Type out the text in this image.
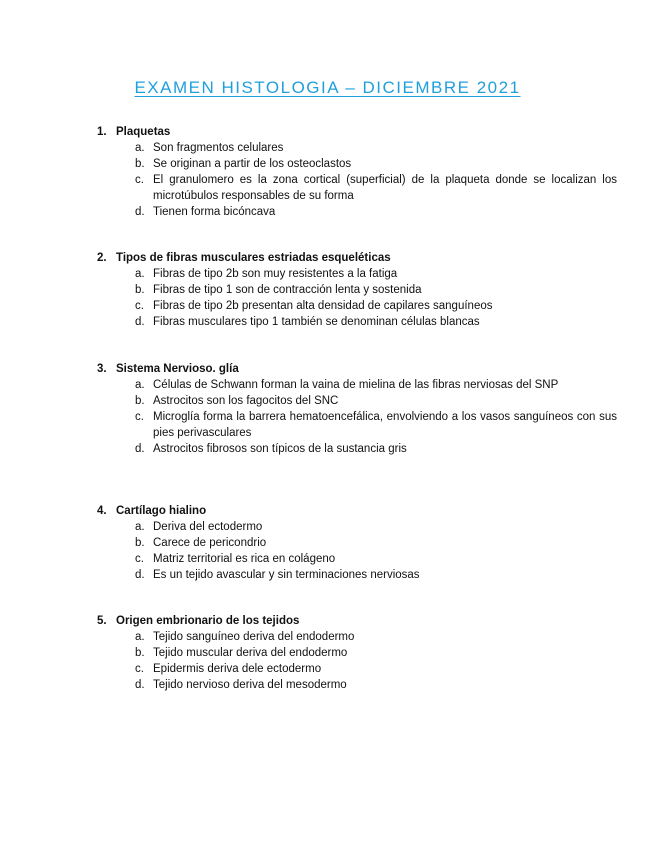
EXAMEN HISTOLOGIA – DICIEMBRE 2021
1. Plaquetas
a. Son fragmentos celulares
b. Se originan a partir de los osteoclastos
c. El granulomero es la zona cortical (superficial) de la plaqueta donde se localizan los microtúbulos responsables de su forma
d. Tienen forma bicóncava
2. Tipos de fibras musculares estriadas esqueléticas
a. Fibras de tipo 2b son muy resistentes a la fatiga
b. Fibras de tipo 1 son de contracción lenta y sostenida
c. Fibras de tipo 2b presentan alta densidad de capilares sanguíneos
d. Fibras musculares tipo 1 también se denominan células blancas
3. Sistema Nervioso. glía
a. Células de Schwann forman la vaina de mielina de las fibras nerviosas del SNP
b. Astrocitos son los fagocitos del SNC
c. Microglía forma la barrera hematoencefálica, envolviendo a los vasos sanguíneos con sus pies perivasculares
d. Astrocitos fibrosos son típicos de la sustancia gris
4. Cartílago hialino
a. Deriva del ectodermo
b. Carece de pericondrio
c. Matriz territorial es rica en colágeno
d. Es un tejido avascular y sin terminaciones nerviosas
5. Origen embrionario de los tejidos
a. Tejido sanguíneo deriva del endodermo
b. Tejido muscular deriva del endodermo
c. Epidermis deriva dele ectodermo
d. Tejido nervioso deriva del mesodermo
